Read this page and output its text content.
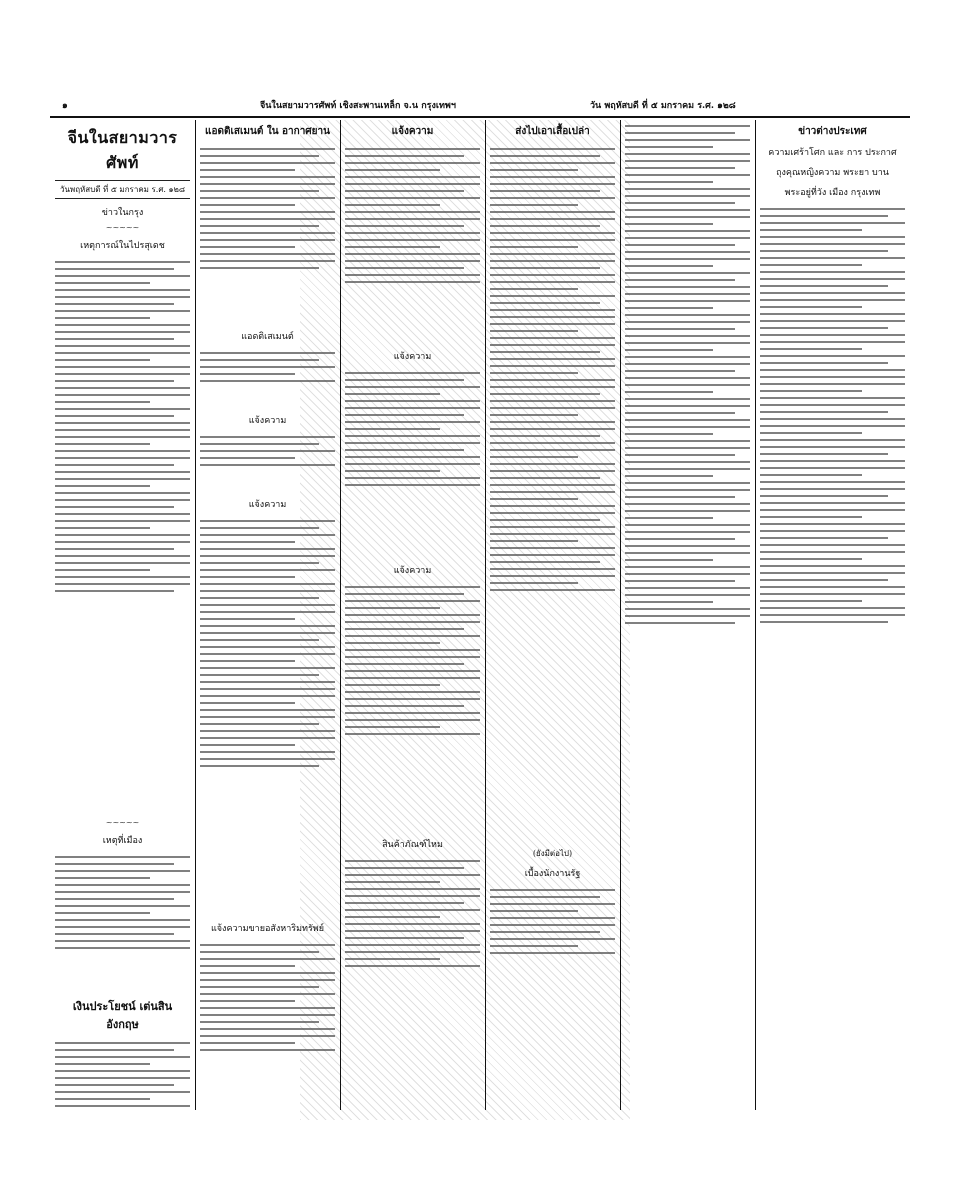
๑	จีนในสยามวารศัพท์ เชิงสะพานเหล็ก จ.น กรุงเทพฯ	วัน พฤหัสบดี ที่ ๕ มกราคม ร.ศ. ๑๒๘
จีนในสยามวารศัพท์
วันพฤหัสบดี ที่ ๕ มกราคม ร.ศ. ๑๒๘
ข่าวในกรุง
~~~~~
เหตุการณ์ในไปรสุเดช
~~~~~
เหตุที่เมือง
เงินประโยชน์ เต่นสิน อังกฤษ
แอดติเสเมนต์ ใน อากาศยาน
แอดติเสเมนต์
แจ้งความ
แจ้งความ
แจ้งความขายอสังหาริมทรัพย์
แจ้งความ
แจ้งความ
แจ้งความ
สินค้าภัณฑ์ไหม
ส่งไปเอาเสื้อเปล่า
(ยังมีต่อไป)
เบื้องนักงานรัฐ
ข่าวต่างประเทศ
ความเศร้าโศก และ การ ประกาศ
ถุงคุณหญิงความ พระยา บาน
พระอยู่ที่วัง เมือง กรุงเทพ
